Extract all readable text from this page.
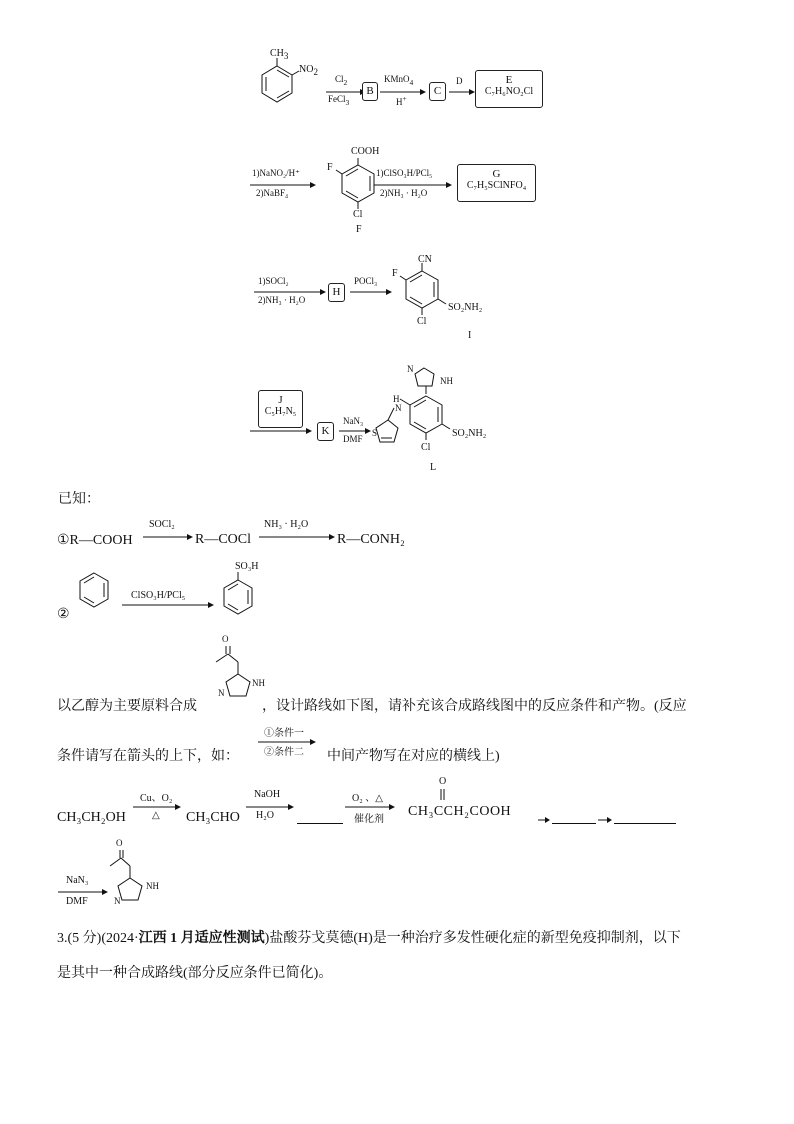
$CH_3$
$NO_2$
$Cl_2$
FeCl$_3$
B
KMnO$_4$
H+
C
D	E
C₇H₆NO₂Cl
1)NaNO₂/H⁺
2)NaBF₄
COOH
F
Cl
F
1)ClSO₃H/PCl₅
2)NH₃ · H₂O
G
C₇H₅SClNFO₄
1)SOCl₂
2)NH₃ · H₂O
H
POCl₃
CN
F
SO₂NH₂
Cl
I
J
C₅H₇N₅
K
NaN₃
DMF
N
NH
H
N
S	SO₂NH₂
Cl
L
已知：
①R—COOH
SOCl₂
R—COCl
NH₃ · H₂O
R—CONH₂
②
ClSO₃H/PCl₅
SO₃H
以乙醇为主要原料合成
O
NH
N
，设计路线如下图，请补充该合成路线图中的反应条件和产物。(反应
条件请写在箭头的上下，如：
①条件一
②条件二 中间产物写在对应的横线上)
CH₃CH₂OH
Cu、O₂
△ CH₃CHO
NaOH
H₂O
O₂ 、△
催化剂
O
CH₃CCH₂COOH
NaN₃
DMF
O
NH
N
3.(5 分)(2024·江西 1 月适应性测试)盐酸芬戈莫德(H)是一种治疗多发性硬化症的新型免疫抑制剂，以下
是其中一种合成路线(部分反应条件已简化)。
